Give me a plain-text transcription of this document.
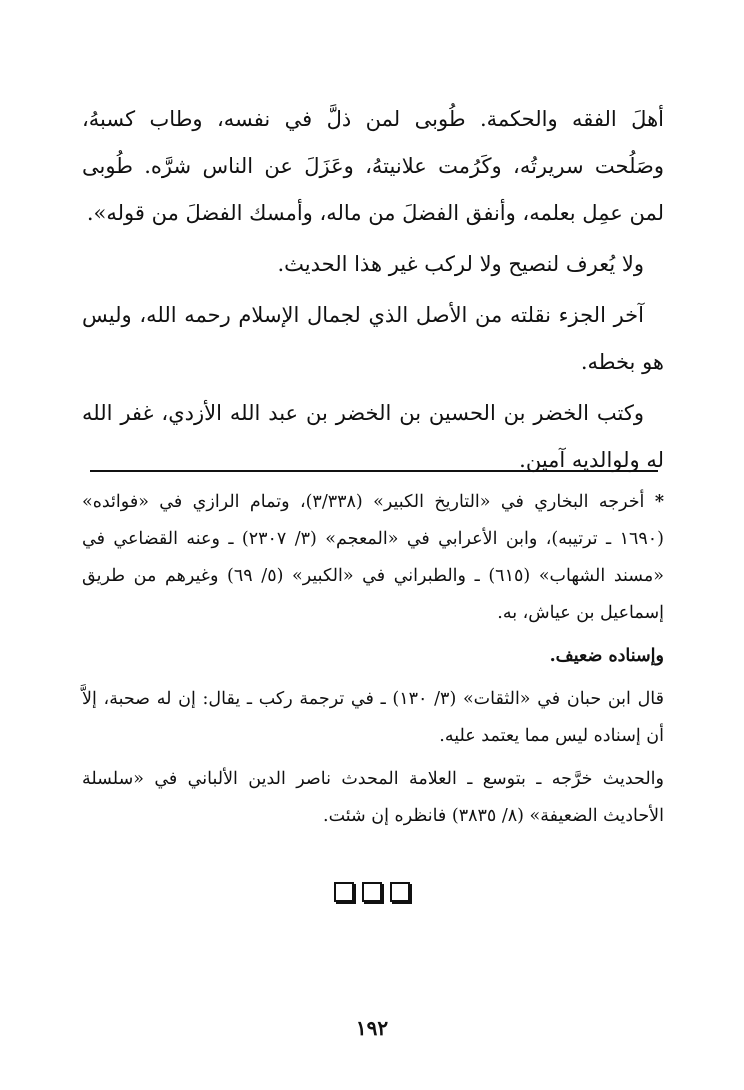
أهلَ الفقه والحكمة. طُوبى لمن ذلَّ في نفسه، وطاب كسبهُ، وصَلُحت سريرتُه، وكَرُمت علانيتهُ، وعَزَلَ عن الناس شرَّه. طُوبى لمن عمِل بعلمه، وأنفق الفضلَ من ماله، وأمسك الفضلَ من قوله».

ولا يُعرف لنصيح ولا لركب غير هذا الحديث.

آخر الجزء نقلته من الأصل الذي لجمال الإسلام رحمه الله، وليس هو بخطه.

وكتب الخضر بن الحسين بن الخضر بن عبد الله الأزدي، غفر الله له ولوالديه آمين.

* أخرجه البخاري في «التاريخ الكبير» (٣/٣٣٨)، وتمام الرازي في «فوائده» (١٦٩٠ ـ ترتيبه)، وابن الأعرابي في «المعجم» (٣/ ٢٣٠٧) ـ وعنه القضاعي في «مسند الشهاب» (٦١٥) ـ والطبراني في «الكبير» (٥/ ٦٩) وغيرهم من طريق إسماعيل بن عياش، به.

وإسناده ضعيف.

قال ابن حبان في «الثقات» (٣/ ١٣٠) ـ في ترجمة ركب ـ يقال: إن له صحبة، إلاَّ أن إسناده ليس مما يعتمد عليه.

والحديث خرَّجه ـ بتوسع ـ العلامة المحدث ناصر الدين الألباني في «سلسلة الأحاديث الضعيفة» (٨/ ٣٨٣٥) فانظره إن شئت.

١٩٢
